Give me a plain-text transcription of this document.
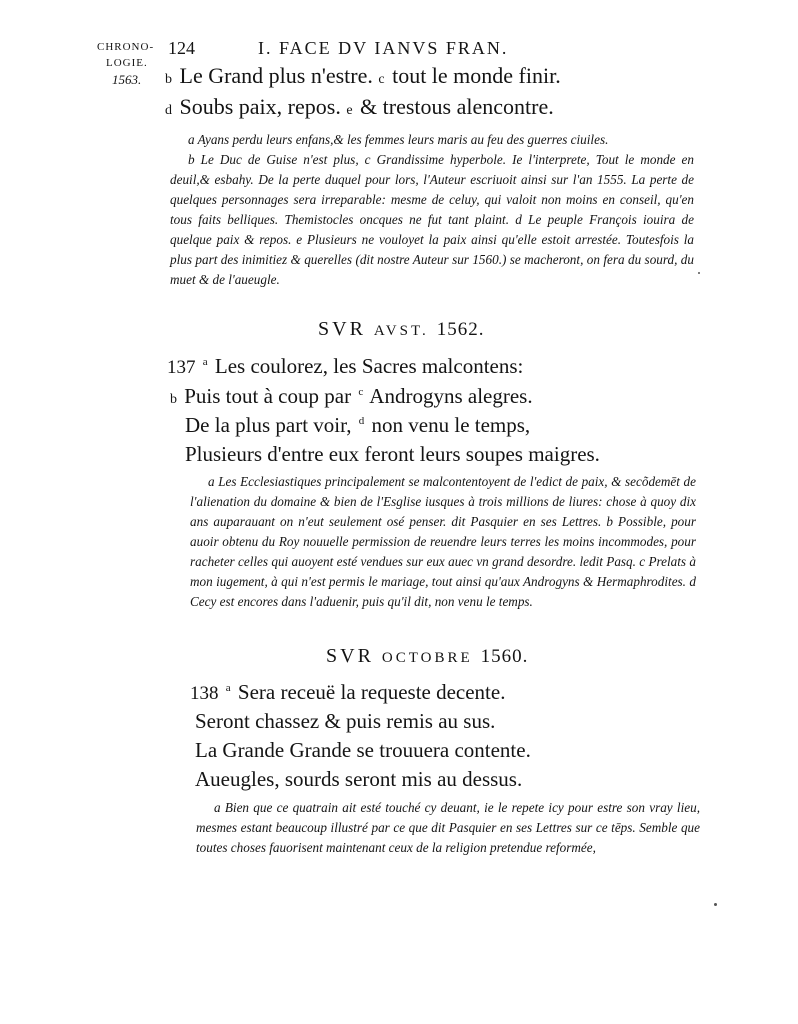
CHRONO-
LOGIE.
1563.
124	I. FACE DV IANVS FRAN.
b Le Grand plus n'estre. c tout le monde finir.
d Soubs paix, repos. e & trestous alencontre.

a Ayans perdu leurs enfans,& les femmes leurs maris au feu des guerres ciuiles.

b Le Duc de Guise n'est plus, c Grandissime hyperbole. Ie l'interprete, Tout le monde en deuil,& esbahy. De la perte duquel pour lors, l'Auteur escriuoit ainsi sur l'an 1555. La perte de quelques personnages sera irreparable: mesme de celuy, qui valoit non moins en conseil, qu'en tous faits belliques. Themistocles oncques ne fut tant plaint. d Le peuple François iouira de quelque paix & repos. e Plusieurs ne vouloyet la paix ainsi qu'elle estoit arrestée. Toutesfois la plus part des inimitiez & querelles (dit nostre Auteur sur 1560.) se macheront, on fera du sourd, du muet & de l'aueugle.

SVR AVST. 1562.
137 $^a$ Les coulorez, les Sacres malcontens:
b Puis tout à coup par $^c$ Androgyns alegres.
De la plus part voir, $^d$ non venu le temps,
Plusieurs d'entre eux feront leurs soupes maigres.

a Les Ecclesiastiques principalement se malcontentoyent de l'edict de paix, & secõdemēt de l'alienation du domaine & bien de l'Esglise iusques à trois millions de liures: chose à quoy dix ans auparauant on n'eut seulement osé penser. dit Pasquier en ses Lettres. b Possible, pour auoir obtenu du Roy nouuelle permission de reuendre leurs terres les moins incommodes, pour racheter celles qui auoyent esté vendues sur eux auec vn grand desordre. ledit Pasq. c Prelats à mon iugement, à qui n'est permis le mariage, tout ainsi qu'aux Androgyns & Hermaphrodites. d Cecy est encores dans l'aduenir, puis qu'il dit, non venu le temps.

SVR OCTOBRE 1560.
138 $^a$ Sera receuë la requeste decente.
Seront chassez & puis remis au sus.
La Grande Grande se trouuera contente.
Aueugles, sourds seront mis au dessus.

a Bien que ce quatrain ait esté touché cy deuant, ie le repete icy pour estre son vray lieu, mesmes estant beaucoup illustré par ce que dit Pasquier en ses Lettres sur ce tēps. Semble que toutes choses fauorisent maintenant ceux de la religion pretendue reformée,
